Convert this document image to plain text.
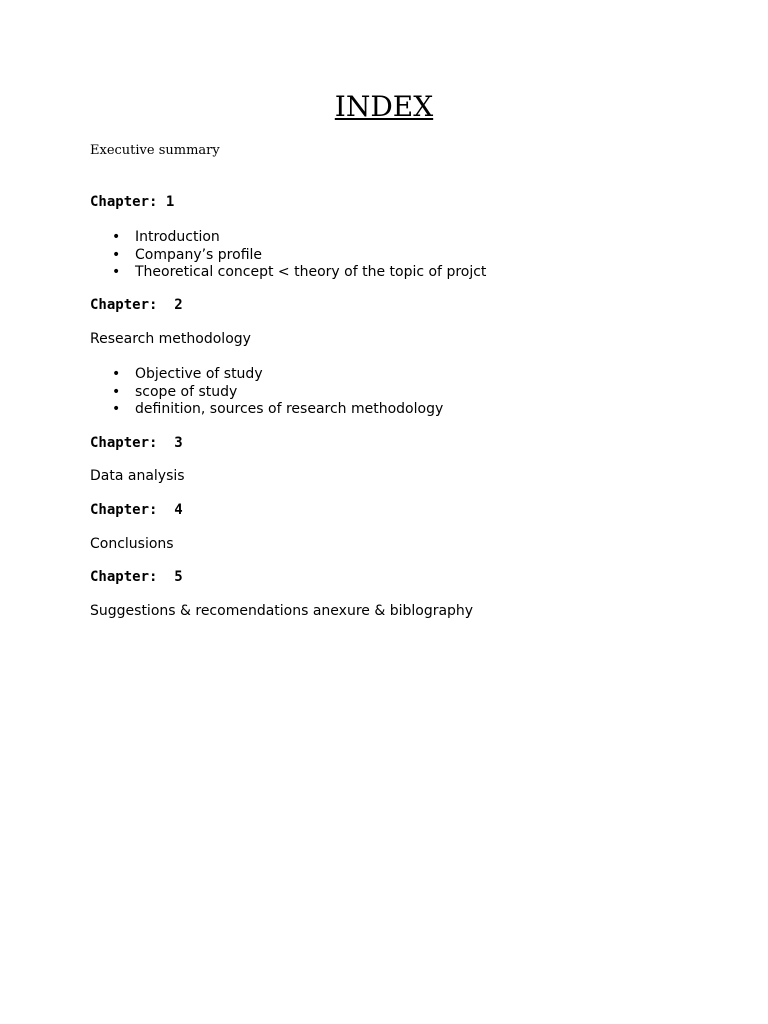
INDEX
Executive summary
Chapter: 1
• Introduction
• Company’s profile
• Theoretical concept < theory of the topic of projct
Chapter:  2
Research methodology
• Objective of study
• scope of study
• definition, sources of research methodology
Chapter:  3
Data analysis
Chapter:  4
Conclusions
Chapter:  5
Suggestions & recomendations anexure & biblography
